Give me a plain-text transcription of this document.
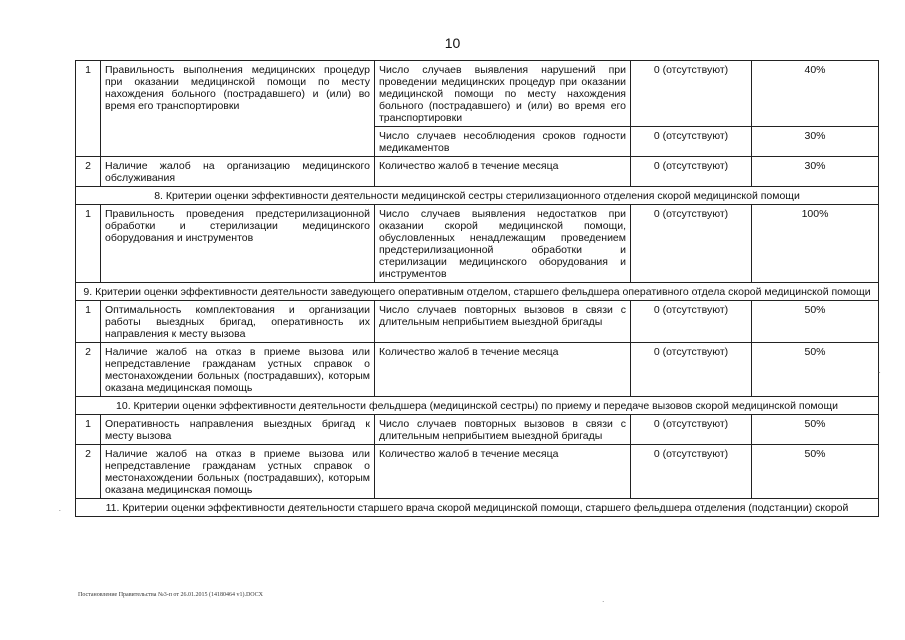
10
1	Правильность выполнения медицинских процедур при оказании медицинской помощи по месту нахождения больного (пострадавшего) и (или) во время его транспортировки	Число случаев выявления нарушений при проведении медицинских процедур при оказании медицинской помощи по месту нахождения больного (пострадавшего) и (или) во время его транспортировки	0 (отсутствуют)	40%
		Число случаев несоблюдения сроков годности медикаментов	0 (отсутствуют)	30%
2	Наличие жалоб на организацию медицинского обслуживания	Количество жалоб в течение месяца	0 (отсутствуют)	30%
8. Критерии оценки эффективности деятельности медицинской сестры стерилизационного отделения скорой медицинской помощи				
1	Правильность проведения предстерилизационной обработки и стерилизации медицинского оборудования и инструментов	Число случаев выявления недостатков при оказании скорой медицинской помощи, обусловленных ненадлежащим проведением предстерилизационной обработки и стерилизации медицинского оборудования и инструментов	0 (отсутствуют)	100%
9. Критерии оценки эффективности деятельности заведующего оперативным отделом, старшего фельдшера оперативного отдела скорой медицинской помощи				
1	Оптимальность комплектования и организации работы выездных бригад, оперативность их направления к месту вызова	Число случаев повторных вызовов в связи с длительным неприбытием выездной бригады	0 (отсутствуют)	50%
2	Наличие жалоб на отказ в приеме вызова или непредставление гражданам устных справок о местонахождении больных (пострадавших), которым оказана медицинская помощь	Количество жалоб в течение месяца	0 (отсутствуют)	50%
10. Критерии оценки эффективности деятельности фельдшера (медицинской сестры) по приему и передаче вызовов скорой медицинской помощи				
1	Оперативность направления выездных бригад к месту вызова	Число случаев повторных вызовов в связи с длительным неприбытием выездной бригады	0 (отсутствуют)	50%
2	Наличие жалоб на отказ в приеме вызова или непредставление гражданам устных справок о местонахождении больных (пострадавших), которым оказана медицинская помощь	Количество жалоб в течение месяца	0 (отсутствуют)	50%
11. Критерии оценки эффективности деятельности старшего врача скорой медицинской помощи, старшего фельдшера отделения (подстанции) скорой				
Постановление Правительства №3-п от 26.01.2015 (14180464 v1).DOCX
-
.
·
